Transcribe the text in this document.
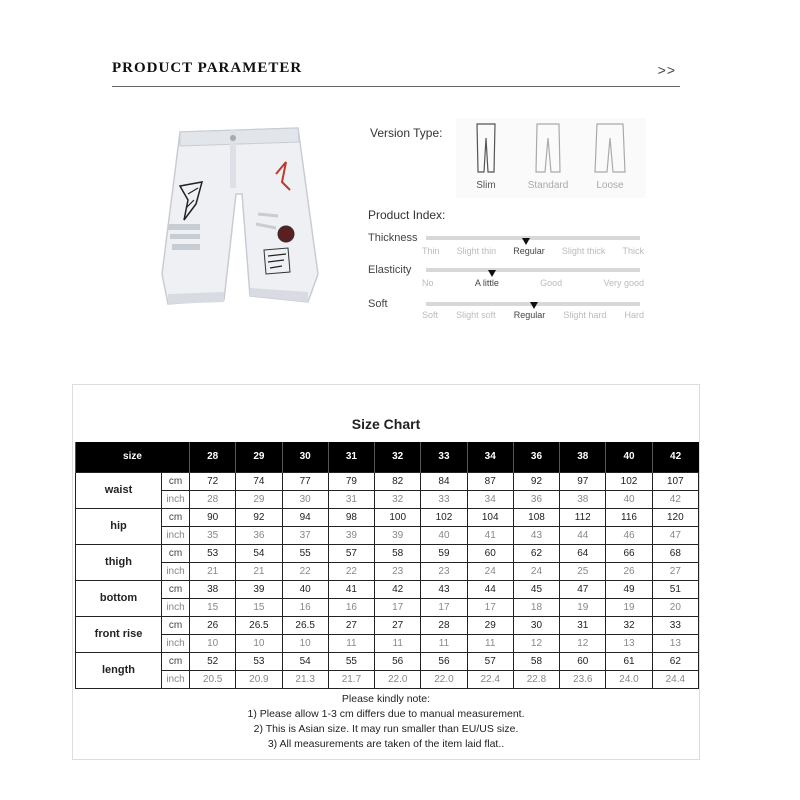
PRODUCT PARAMETER	>>
Version Type:
Slim	Standard	Loose
Product Index:
Thickness
Thin Slight thin Regular Slight thick Thick
Elasticity
No	A little	Good	Very good
Soft
Soft Slight soft Regular Slight hard Hard
Size Chart
size		28	29	30	31	32	33	34	36	38	40	42
waist	cm	72	74	77	79	82	84	87	92	97	102	107
	inch	28	29	30	31	32	33	34	36	38	40	42
hip	cm	90	92	94	98	100	102	104	108	112	116	120
	inch	35	36	37	39	39	40	41	43	44	46	47
thigh	cm	53	54	55	57	58	59	60	62	64	66	68
	inch	21	21	22	22	23	23	24	24	25	26	27
bottom	cm	38	39	40	41	42	43	44	45	47	49	51
	inch	15	15	16	16	17	17	17	18	19	19	20
front rise	cm	26	26.5	26.5	27	27	28	29	30	31	32	33
	inch	10	10	10	11	11	11	11	12	12	13	13
length	cm	52	53	54	55	56	56	57	58	60	61	62
	inch	20.5	20.9	21.3	21.7	22.0	22.0	22.4	22.8	23.6	24.0	24.4
Please kindly note:
1) Please allow 1-3 cm differs due to manual measurement.
2) This is Asian size. It may run smaller than EU/US size.
3) All measurements are taken of the item laid flat..
